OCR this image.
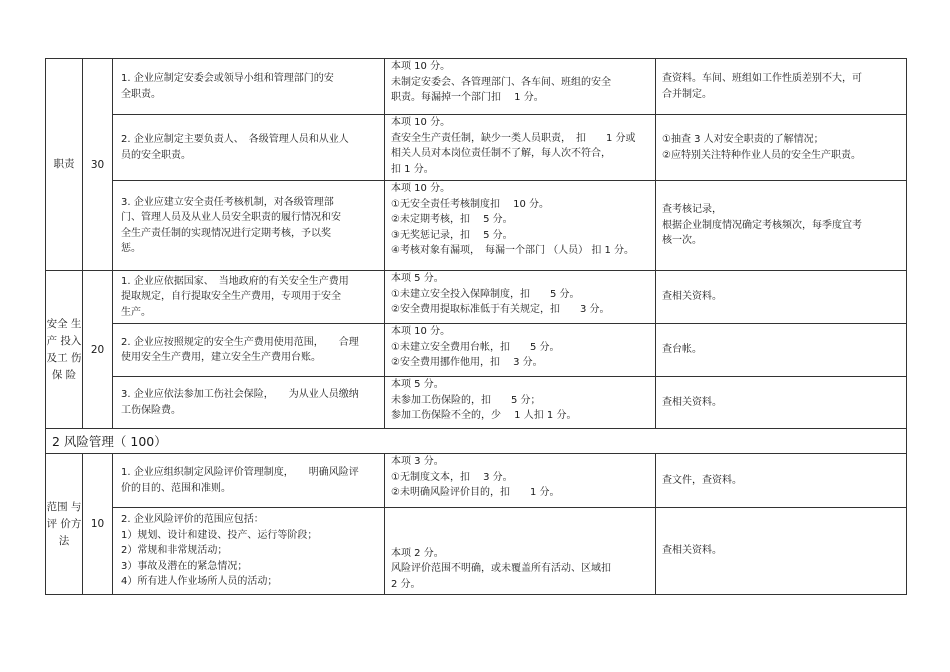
职责	30	1. 企业应制定安委会或领导小组和管理部门的安
全职责。	本项 10 分。
未制定安委会、各管理部门、各车间、班组的安全
职责。每漏掉一个部门扣　 1 分。	查资料。车间、班组如工作性质差别不大，可
合并制定。
		2. 企业应制定主要负责人、　各级管理人员和从业人
员的安全职责。	本项 10 分。
查安全生产责任制，缺少一类人员职责，　扣　　1 分或
相关人员对本岗位责任制不了解，每人次不符合，
扣 1 分。	①抽查 3 人对安全职责的了解情况；
②应特别关注特种作业人员的安全生产职责。
		3. 企业应建立安全责任考核机制，对各级管理部
门、管理人员及从业人员安全职责的履行情况和安
全生产责任制的实现情况进行定期考核，予以奖
惩。	本项 10 分。
①无安全责任考核制度扣　 10 分。
②未定期考核，扣　 5 分。
③无奖惩记录，扣　 5 分。
④考核对象有漏项，　每漏一个部门 （人员） 扣 1 分。	查考核记录，
根据企业制度情况确定考核频次，每季度宜考
核一次。
安全 生产 投入 及工 伤保 险	20	1. 企业应依据国家、　当地政府的有关安全生产费用
提取规定，自行提取安全生产费用，专项用于安全
生产。	本项 5 分。
①未建立安全投入保障制度，扣　　5 分。
②安全费用提取标准低于有关规定，扣　　3 分。	查相关资料。
		2. 企业应按照规定的安全生产费用使用范围，　　合理
使用安全生产费用，建立安全生产费用台账。	本项 10 分。
①未建立安全费用台帐，扣　　5 分。
②安全费用挪作他用，扣　 3 分。	查台帐。
		3. 企业应依法参加工伤社会保险，　　为从业人员缴纳
工伤保险费。	本项 5 分。
未参加工伤保险的，扣　　5 分；
参加工伤保险不全的，少　 1 人扣 1 分。	查相关资料。
2 风险管理（ 100）				
范围 与评 价方 法	10	1. 企业应组织制定风险评价管理制度，　　明确风险评
价的目的、范围和准则。	本项 3 分。
①无制度文本，扣　 3 分。
②未明确风险评价目的，扣　　1 分。	查文件，查资料。
		2. 企业风险评价的范围应包括：
1）规划、设计和建设、投产、运行等阶段；
2）常规和非常规活动；
3）事故及潜在的紧急情况；
4）所有进人作业场所人员的活动；	本项 2 分。
风险评价范围不明确，或未覆盖所有活动、区域扣
2 分。	查相关资料。
